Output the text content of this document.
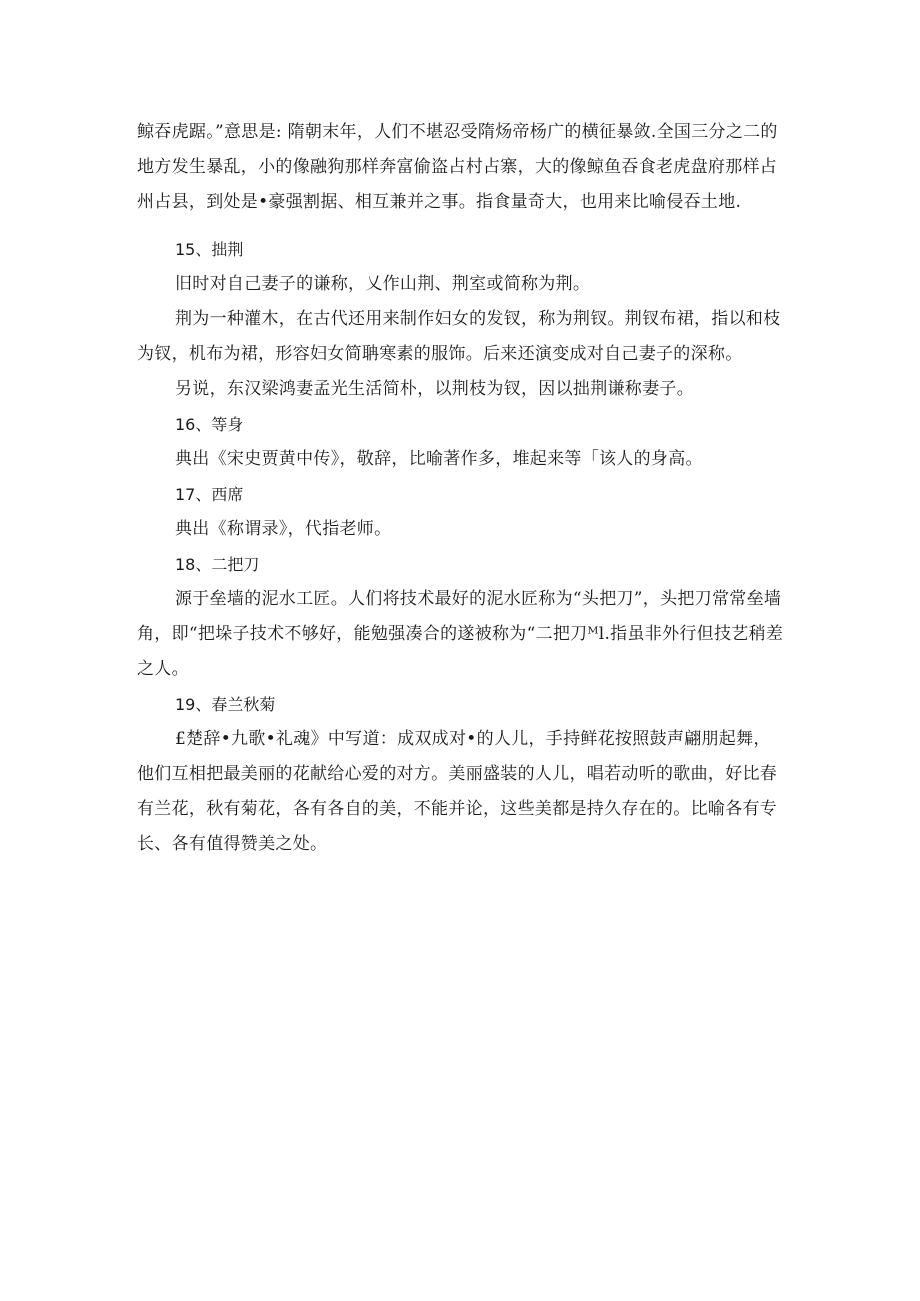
鲸吞虎踞。”意思是: 隋朝末年，人们不堪忍受隋炀帝杨广的横征暴敛.全国三分之二的地方发生暴乱，小的像融狗那样奔富偷盗占村占寨，大的像鲸鱼吞食老虎盘府那样占州占县，到处是•豪强割据、相互兼并之事。指食量奇大，也用来比喻侵吞土地.

15、拙荆

旧时对自己妻子的谦称，乂作山荆、荆室或简称为荆。

荆为一种灌木，在古代还用来制作妇女的发钗，称为荆钗。荆钗布裙，指以和枝为钗，机布为裙，形容妇女简聃寒素的服饰。后来还演变成对自己妻子的深称。

另说，东汉梁鸿妻孟光生活简朴，以荆枝为钗，因以拙荆谦称妻子。

16、等身

典出《宋史贾黄中传》，敬辞，比喻著作多，堆起来等「该人的身高。

17、西席

典出《称谓录》，代指老师。

18、二把刀

源于垒墙的泥水工匠。人们将技术最好的泥水匠称为“头把刀”，头把刀常常垒墙角，即“把垛子技术不够好，能勉强凑合的遂被称为“二把刀ᴹl.指虽非外行但技艺稍差之人。

19、春兰秋菊

£楚辞•九歌•礼魂》中写道：成双成对•的人儿，手持鲜花按照鼓声翩朋起舞，他们互相把最美丽的花献给心爱的对方。美丽盛装的人儿，唱若动听的歌曲，好比春有兰花，秋有菊花，各有各自的美，不能并论，这些美都是持久存在的。比喻各有专长、各有值得赞美之处。
